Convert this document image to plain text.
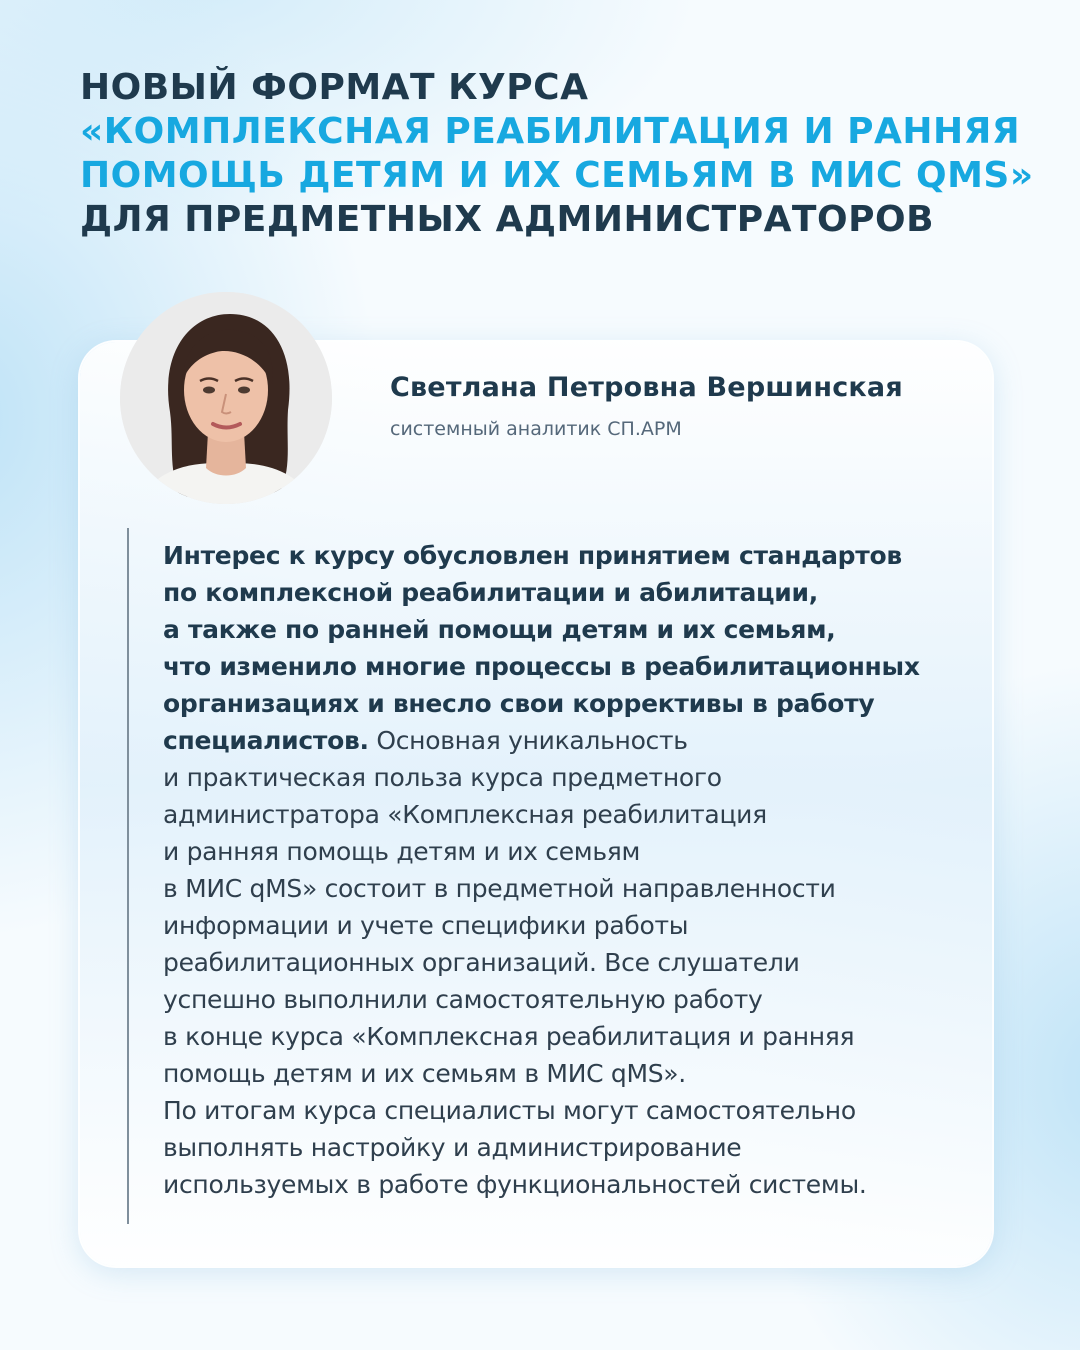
НОВЫЙ ФОРМАТ КУРСА
«КОМПЛЕКСНАЯ РЕАБИЛИТАЦИЯ И РАННЯЯ
ПОМОЩЬ ДЕТЯМ И ИХ СЕМЬЯМ В МИС QMS»
ДЛЯ ПРЕДМЕТНЫХ АДМИНИСТРАТОРОВ
Светлана Петровна Вершинская
системный аналитик СП.АРМ
Интерес к курсу обусловлен принятием стандартов
по комплексной реабилитации и абилитации,
а также по ранней помощи детям и их семьям,
что изменило многие процессы в реабилитационных
организациях и внесло свои коррективы в работу
специалистов. Основная уникальность
и практическая польза курса предметного
администратора «Комплексная реабилитация
и ранняя помощь детям и их семьям
в МИС qMS» состоит в предметной направленности
информации и учете специфики работы
реабилитационных организаций. Все слушатели
успешно выполнили самостоятельную работу
в конце курса «Комплексная реабилитация и ранняя
помощь детям и их семьям в МИС qMS».
По итогам курса специалисты могут самостоятельно
выполнять настройку и администрирование
используемых в работе функциональностей системы.
